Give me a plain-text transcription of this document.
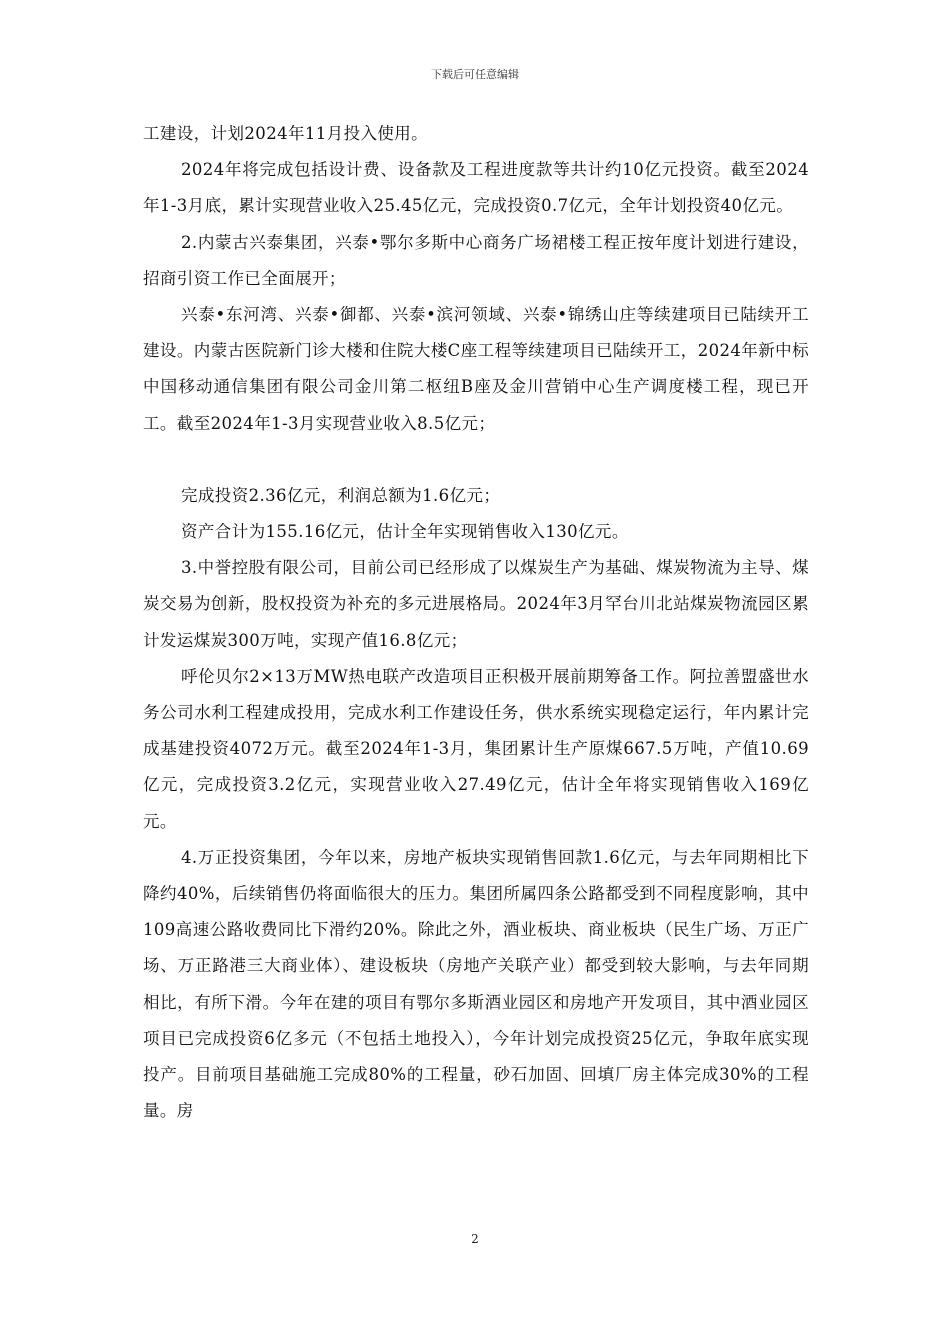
下载后可任意编辑

工建设，计划2024年11月投入使用。

2024年将完成包括设计费、设备款及工程进度款等共计约10亿元投资。截至2024年1-3月底，累计实现营业收入25.45亿元，完成投资0.7亿元，全年计划投资40亿元。

2.内蒙古兴泰集团，兴泰•鄂尔多斯中心商务广场裙楼工程正按年度计划进行建设，招商引资工作已全面展开；

兴泰•东河湾、兴泰•御都、兴泰•滨河领域、兴泰•锦绣山庄等续建项目已陆续开工建设。内蒙古医院新门诊大楼和住院大楼C座工程等续建项目已陆续开工，2024年新中标中国移动通信集团有限公司金川第二枢纽B座及金川营销中心生产调度楼工程，现已开工。截至2024年1-3月实现营业收入8.5亿元；

完成投资2.36亿元，利润总额为1.6亿元；

资产合计为155.16亿元，估计全年实现销售收入130亿元。

3.中誉控股有限公司，目前公司已经形成了以煤炭生产为基础、煤炭物流为主导、煤炭交易为创新，股权投资为补充的多元进展格局。2024年3月罕台川北站煤炭物流园区累计发运煤炭300万吨，实现产值16.8亿元；

呼伦贝尔2×13万MW热电联产改造项目正积极开展前期筹备工作。阿拉善盟盛世水务公司水利工程建成投用，完成水利工作建设任务，供水系统实现稳定运行，年内累计完成基建投资4072万元。截至2024年1-3月，集团累计生产原煤667.5万吨，产值10.69亿元，完成投资3.2亿元，实现营业收入27.49亿元，估计全年将实现销售收入169亿元。

4.万正投资集团，今年以来，房地产板块实现销售回款1.6亿元，与去年同期相比下降约40%，后续销售仍将面临很大的压力。集团所属四条公路都受到不同程度影响，其中109高速公路收费同比下滑约20%。除此之外，酒业板块、商业板块（民生广场、万正广场、万正路港三大商业体）、建设板块（房地产关联产业）都受到较大影响，与去年同期相比，有所下滑。今年在建的项目有鄂尔多斯酒业园区和房地产开发项目，其中酒业园区项目已完成投资6亿多元（不包括土地投入），今年计划完成投资25亿元，争取年底实现投产。目前项目基础施工完成80%的工程量，砂石加固、回填厂房主体完成30%的工程量。房

2
